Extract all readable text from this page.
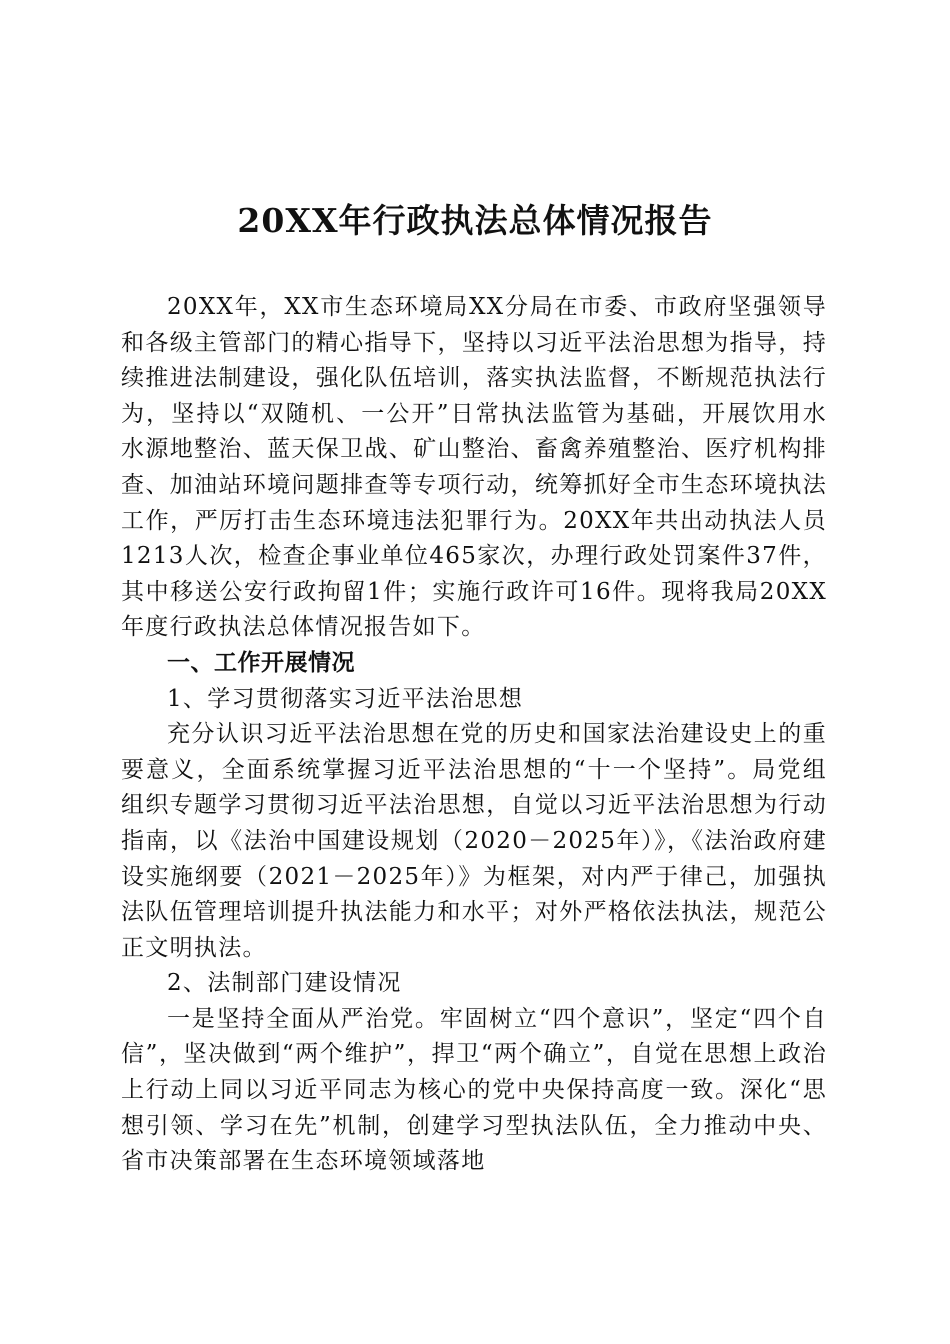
20XX年行政执法总体情况报告

20XX年，XX市生态环境局XX分局在市委、市政府坚强领导和各级主管部门的精心指导下，坚持以习近平法治思想为指导，持续推进法制建设，强化队伍培训，落实执法监督，不断规范执法行为，坚持以“双随机、一公开”日常执法监管为基础，开展饮用水水源地整治、蓝天保卫战、矿山整治、畜禽养殖整治、医疗机构排查、加油站环境问题排查等专项行动，统筹抓好全市生态环境执法工作，严厉打击生态环境违法犯罪行为。20XX年共出动执法人员1213人次，检查企事业单位465家次，办理行政处罚案件37件，其中移送公安行政拘留1件；实施行政许可16件。现将我局20XX年度行政执法总体情况报告如下。

一、工作开展情况

1、学习贯彻落实习近平法治思想

充分认识习近平法治思想在党的历史和国家法治建设史上的重要意义，全面系统掌握习近平法治思想的“十一个坚持”。局党组组织专题学习贯彻习近平法治思想，自觉以习近平法治思想为行动指南，以《法治中国建设规划（2020－2025年）》，《法治政府建设实施纲要（2021－2025年）》为框架，对内严于律己，加强执法队伍管理培训提升执法能力和水平；对外严格依法执法，规范公正文明执法。

2、法制部门建设情况

一是坚持全面从严治党。牢固树立“四个意识”，坚定“四个自信”，坚决做到“两个维护”，捍卫“两个确立”，自觉在思想上政治上行动上同以习近平同志为核心的党中央保持高度一致。深化“思想引领、学习在先”机制，创建学习型执法队伍，全力推动中央、省市决策部署在生态环境领域落地
